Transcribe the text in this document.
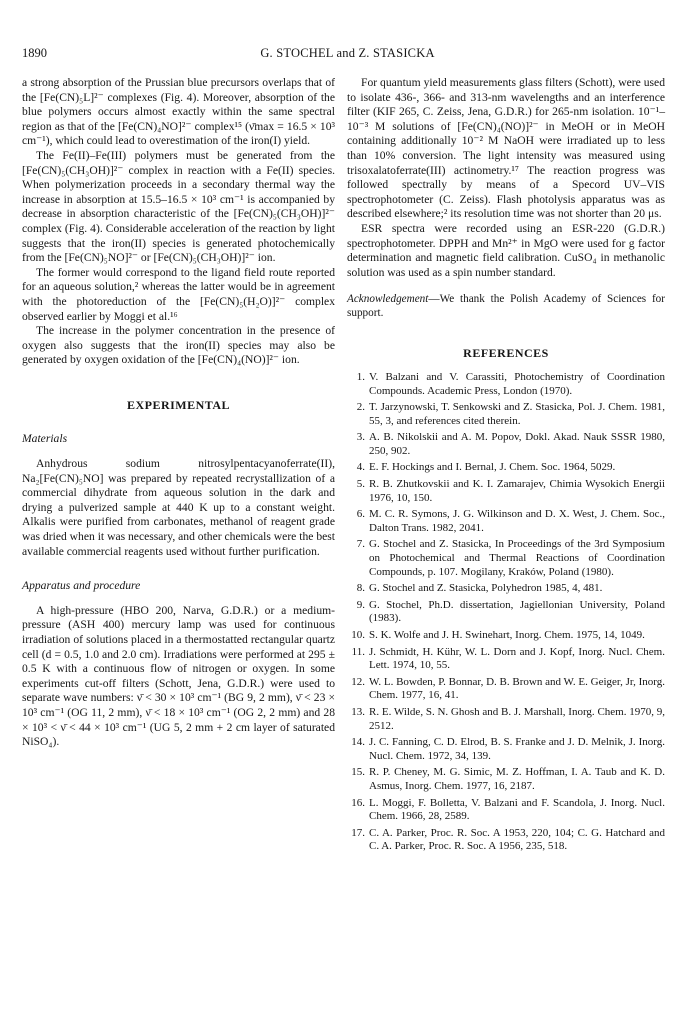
1890	G. STOCHEL and Z. STASICKA

a strong absorption of the Prussian blue precursors overlaps that of the [Fe(CN)₅L]²⁻ complexes (Fig. 4). Moreover, absorption of the blue polymers occurs almost exactly within the same spectral region as that of the [Fe(CN)₄NO]²⁻ complex¹⁵ (ν̄max = 16.5 × 10³ cm⁻¹), which could lead to overestimation of the iron(I) yield.

The Fe(II)–Fe(III) polymers must be generated from the [Fe(CN)₅(CH₃OH)]²⁻ complex in reaction with a Fe(II) species. When polymerization proceeds in a secondary thermal way the increase in absorption at 15.5–16.5 × 10³ cm⁻¹ is accompanied by decrease in absorption characteristic of the [Fe(CN)₅(CH₃OH)]²⁻ complex (Fig. 4). Considerable acceleration of the reaction by light suggests that the iron(II) species is generated photochemically from the [Fe(CN)₅NO]²⁻ or [Fe(CN)₅(CH₃OH)]²⁻ ion.

The former would correspond to the ligand field route reported for an aqueous solution,² whereas the latter would be in agreement with the photoreduction of the [Fe(CN)₅(H₂O)]²⁻ complex observed earlier by Moggi et al.¹⁶

The increase in the polymer concentration in the presence of oxygen also suggests that the iron(II) species may also be generated by oxygen oxidation of the [Fe(CN)₄(NO)]²⁻ ion.

EXPERIMENTAL
Materials

Anhydrous sodium nitrosylpentacyanoferrate(II), Na₂[Fe(CN)₅NO] was prepared by repeated recrystallization of a commercial dihydrate from aqueous solution in the dark and drying a pulverized sample at 440 K up to a constant weight. Alkalis were purified from carbonates, methanol of reagent grade was dried when it was necessary, and other chemicals were the best available commercial reagents used without further purification.

Apparatus and procedure

A high-pressure (HBO 200, Narva, G.D.R.) or a medium-pressure (ASH 400) mercury lamp was used for continuous irradiation of solutions placed in a thermostatted rectangular quartz cell (d = 0.5, 1.0 and 2.0 cm). Irradiations were performed at 295 ± 0.5 K with a continuous flow of nitrogen or oxygen. In some experiments cut-off filters (Schott, Jena, G.D.R.) were used to separate wave numbers: ν̄ < 30 × 10³ cm⁻¹ (BG 9, 2 mm), ν̄ < 23 × 10³ cm⁻¹ (OG 11, 2 mm), ν̄ < 18 × 10³ cm⁻¹ (OG 2, 2 mm) and 28 × 10³ < ν̄ < 44 × 10³ cm⁻¹ (UG 5, 2 mm + 2 cm layer of saturated NiSO₄).

For quantum yield measurements glass filters (Schott), were used to isolate 436-, 366- and 313-nm wavelengths and an interference filter (KIF 265, C. Zeiss, Jena, G.D.R.) for 265-nm isolation. 10⁻¹–10⁻³ M solutions of [Fe(CN)₄(NO)]²⁻ in MeOH or in MeOH containing additionally 10⁻² M NaOH were irradiated up to less than 10% conversion. The light intensity was measured using trisoxalatoferrate(III) actinometry.¹⁷ The reaction progress was followed spectrally by means of a Specord UV–VIS spectrophotometer (C. Zeiss). Flash photolysis apparatus was as described elsewhere;² its resolution time was not shorter than 20 μs.

ESR spectra were recorded using an ESR-220 (G.D.R.) spectrophotometer. DPPH and Mn²⁺ in MgO were used for g factor determination and magnetic field calibration. CuSO₄ in methanolic solution was used as a spin number standard.

Acknowledgement—We thank the Polish Academy of Sciences for support.

REFERENCES
1. V. Balzani and V. Carassiti, Photochemistry of Coordination Compounds. Academic Press, London (1970).
2. T. Jarzynowski, T. Senkowski and Z. Stasicka, Pol. J. Chem. 1981, 55, 3, and references cited therein.
3. A. B. Nikolskii and A. M. Popov, Dokl. Akad. Nauk SSSR 1980, 250, 902.
4. E. F. Hockings and I. Bernal, J. Chem. Soc. 1964, 5029.
5. R. B. Zhutkovskii and K. I. Zamarajev, Chimia Wysokich Energii 1976, 10, 150.
6. M. C. R. Symons, J. G. Wilkinson and D. X. West, J. Chem. Soc., Dalton Trans. 1982, 2041.
7. G. Stochel and Z. Stasicka, In Proceedings of the 3rd Symposium on Photochemical and Thermal Reactions of Coordination Compounds, p. 107. Mogilany, Kraków, Poland (1980).
8. G. Stochel and Z. Stasicka, Polyhedron 1985, 4, 481.
9. G. Stochel, Ph.D. dissertation, Jagiellonian University, Poland (1983).
10. S. K. Wolfe and J. H. Swinehart, Inorg. Chem. 1975, 14, 1049.
11. J. Schmidt, H. Kühr, W. L. Dorn and J. Kopf, Inorg. Nucl. Chem. Lett. 1974, 10, 55.
12. W. L. Bowden, P. Bonnar, D. B. Brown and W. E. Geiger, Jr, Inorg. Chem. 1977, 16, 41.
13. R. E. Wilde, S. N. Ghosh and B. J. Marshall, Inorg. Chem. 1970, 9, 2512.
14. J. C. Fanning, C. D. Elrod, B. S. Franke and J. D. Melnik, J. Inorg. Nucl. Chem. 1972, 34, 139.
15. R. P. Cheney, M. G. Simic, M. Z. Hoffman, I. A. Taub and K. D. Asmus, Inorg. Chem. 1977, 16, 2187.
16. L. Moggi, F. Bolletta, V. Balzani and F. Scandola, J. Inorg. Nucl. Chem. 1966, 28, 2589.
17. C. A. Parker, Proc. R. Soc. A 1953, 220, 104; C. G. Hatchard and C. A. Parker, Proc. R. Soc. A 1956, 235, 518.
